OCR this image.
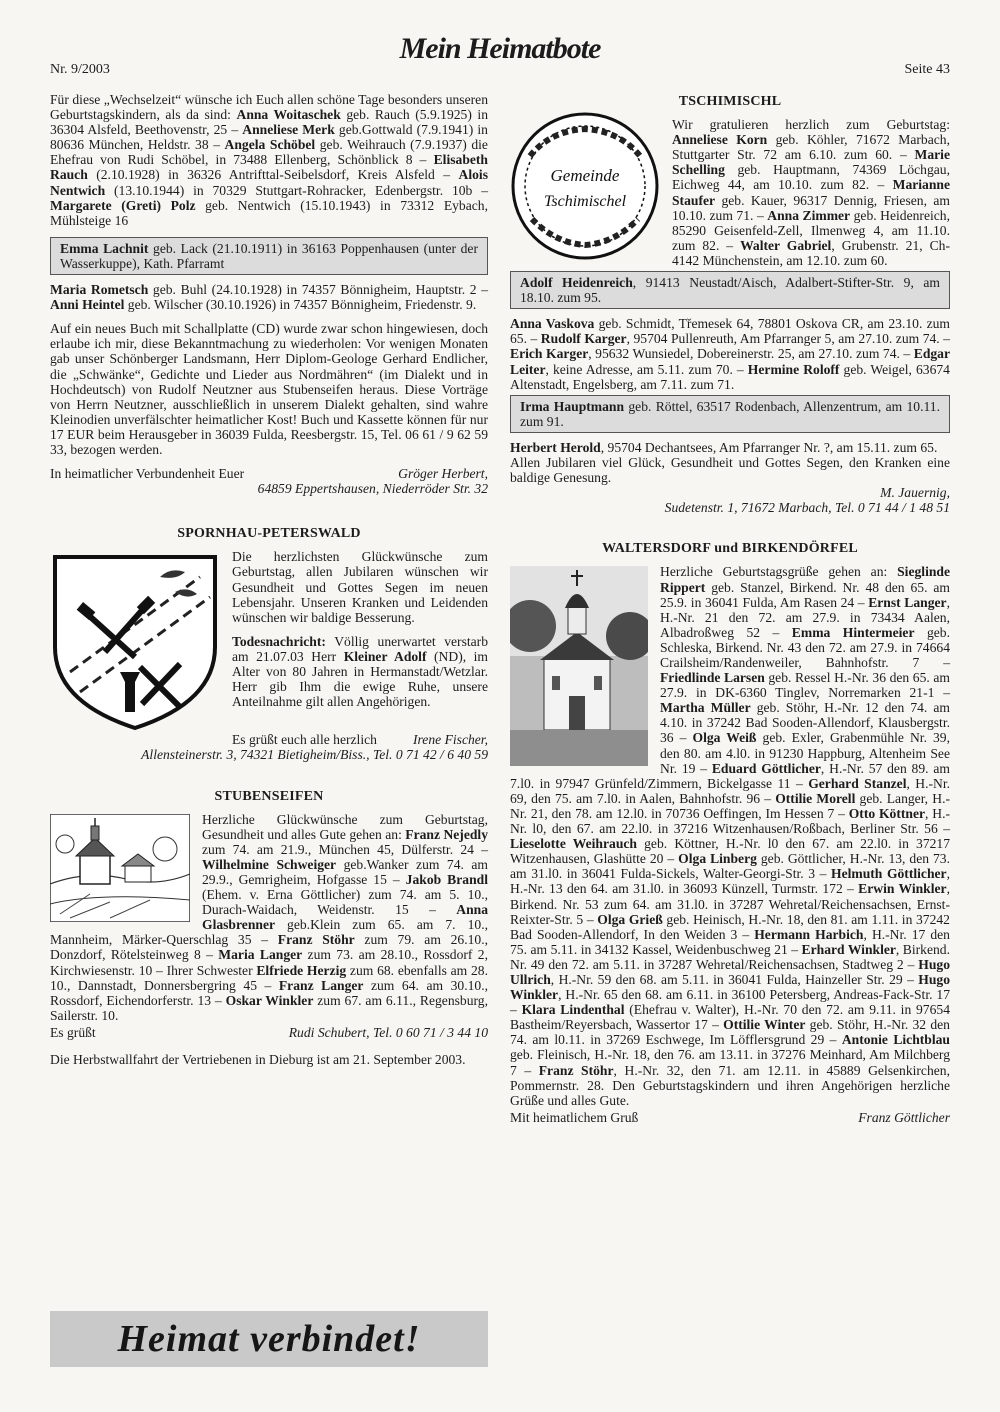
Nr. 9/2003
Mein Heimatbote
Seite 43

Für diese „Wechselzeit“ wünsche ich Euch allen schöne Tage besonders unseren Geburtstagskindern, als da sind: Anna Woitaschek geb. Rauch (5.9.1925) in 36304 Alsfeld, Beethovenstr, 25 – Anneliese Merk geb.Gottwald (7.9.1941) in 80636 München, Heldstr. 38 – Angela Schöbel geb. Weihrauch (7.9.1937) die Ehefrau von Rudi Schöbel, in 73488 Ellenberg, Schönblick 8 – Elisabeth Rauch (2.10.1928) in 36326 Antrifttal-Seibelsdorf, Kreis Alsfeld – Alois Nentwich (13.10.1944) in 70329 Stuttgart-Rohracker, Edenbergstr. 10b – Margarete (Greti) Polz geb. Nentwich (15.10.1943) in 73312 Eybach, Mühlsteige 16

Emma Lachnit geb. Lack (21.10.1911) in 36163 Poppenhausen (unter der Wasserkuppe), Kath. Pfarramt

Maria Rometsch geb. Buhl (24.10.1928) in 74357 Bönnigheim, Hauptstr. 2 – Anni Heintel geb. Wilscher (30.10.1926) in 74357 Bönnigheim, Friedenstr. 9.

Auf ein neues Buch mit Schallplatte (CD) wurde zwar schon hingewiesen, doch erlaube ich mir, diese Bekanntmachung zu wiederholen: Vor wenigen Monaten gab unser Schönberger Landsmann, Herr Diplom-Geologe Gerhard Endlicher, die „Schwänke“, Gedichte und Lieder aus Nordmähren“ (im Dialekt und in Hochdeutsch) von Rudolf Neutzner aus Stubenseifen heraus. Diese Vorträge von Herrn Neutzner, ausschließlich in unserem Dialekt gehalten, sind wahre Kleinodien unverfälschter heimatlicher Kost! Buch und Kassette können für nur 17 EUR beim Herausgeber in 36039 Fulda, Reesbergstr. 15, Tel. 06 61 / 9 62 59 33, bezogen werden.

In heimatlicher Verbundenheit Euer	Gröger Herbert,
64859 Eppertshausen, Niederröder Str. 32
SPORNHAU-PETERSWALD

Die herzlichsten Glückwünsche zum Geburtstag, allen Jubilaren wünschen wir Gesundheit und Gottes Segen im neuen Lebensjahr. Unseren Kranken und Leidenden wünschen wir baldige Besserung.

Todesnachricht: Völlig unerwartet verstarb am 21.07.03 Herr Kleiner Adolf (ND), im Alter von 80 Jahren in Hermanstadt/Wetzlar. Herr gib Ihm die ewige Ruhe, unsere Anteilnahme gilt allen Angehörigen.

Es grüßt euch alle herzlich	Irene Fischer,
Allensteinerstr. 3, 74321 Bietigheim/Biss., Tel. 0 71 42 / 6 40 59
STUBENSEIFEN

Herzliche Glückwünsche zum Geburtstag, Gesundheit und alles Gute gehen an: Franz Nejedly zum 74. am 21.9., München 45, Dülferstr. 24 – Wilhelmine Schweiger geb.Wanker zum 74. am 29.9., Gemrigheim, Hofgasse 15 – Jakob Brandl (Ehem. v. Erna Göttlicher) zum 74. am 5. 10., Durach-Waidach, Weidenstr. 15 – Anna Glasbrenner geb.Klein zum 65. am 7. 10., Mannheim, Märker-Querschlag 35 – Franz Stöhr zum 79. am 26.10., Donzdorf, Rötelsteinweg 8 – Maria Langer zum 73. am 28.10., Rossdorf 2, Kirchwiesenstr. 10 – Ihrer Schwester Elfriede Herzig zum 68. ebenfalls am 28. 10., Dannstadt, Donnersbergring 45 – Franz Langer zum 64. am 30.10., Rossdorf, Eichendorferstr. 13 – Oskar Winkler zum 67. am 6.11., Regensburg, Sailerstr. 10.

Es grüßt	Rudi Schubert, Tel. 0 60 71 / 3 44 10

Die Herbstwallfahrt der Vertriebenen in Dieburg ist am 21. September 2003.

Heimat verbindet!
TSCHIMISCHL
Gemeinde
Tschimischel

Wir gratulieren herzlich zum Geburtstag: Anneliese Korn geb. Köhler, 71672 Marbach, Stuttgarter Str. 72 am 6.10. zum 60. – Marie Schelling geb. Hauptmann, 74369 Löchgau, Eichweg 44, am 10.10. zum 82. – Marianne Staufer geb. Kauer, 96317 Dennig, Friesen, am 10.10. zum 71. – Anna Zimmer geb. Heidenreich, 85290 Geisenfeld-Zell, Ilmenweg 4, am 11.10. zum 82. – Walter Gabriel, Grubenstr. 21, Ch-4142 Münchenstein, am 12.10. zum 60.

Adolf Heidenreich, 91413 Neustadt/Aisch, Adalbert-Stifter-Str. 9, am 18.10. zum 95.

Anna Vaskova geb. Schmidt, Třemesek 64, 78801 Oskova CR, am 23.10. zum 65. – Rudolf Karger, 95704 Pullenreuth, Am Pfarranger 5, am 27.10. zum 74. – Erich Karger, 95632 Wunsiedel, Dobereinerstr. 25, am 27.10. zum 74. – Edgar Leiter, keine Adresse, am 5.11. zum 70. – Hermine Roloff geb. Weigel, 63674 Altenstadt, Engelsberg, am 7.11. zum 71.

Irma Hauptmann geb. Röttel, 63517 Rodenbach, Allenzentrum, am 10.11. zum 91.

Herbert Herold, 95704 Dechantsees, Am Pfarranger Nr. ?, am 15.11. zum 65.

Allen Jubilaren viel Glück, Gesundheit und Gottes Segen, den Kranken eine baldige Genesung.

M. Jauernig,
Sudetenstr. 1, 71672 Marbach, Tel. 0 71 44 / 1 48 51
WALTERSDORF und BIRKENDÖRFEL

Herzliche Geburtstagsgrüße gehen an: Sieglinde Rippert geb. Stanzel, Birkend. Nr. 48 den 65. am 25.9. in 36041 Fulda, Am Rasen 24 – Ernst Langer, H.-Nr. 21 den 72. am 27.9. in 73434 Aalen, Albadroßweg 52 – Emma Hintermeier geb. Schleska, Birkend. Nr. 43 den 72. am 27.9. in 74664 Crailsheim/Randenweiler, Bahnhofstr. 7 – Friedlinde Larsen geb. Ressel H.-Nr. 36 den 65. am 27.9. in DK-6360 Tinglev, Norremarken 21-1 – Martha Müller geb. Stöhr, H.-Nr. 12 den 74. am 4.10. in 37242 Bad Sooden-Allendorf, Klausbergstr. 36 – Olga Weiß geb. Exler, Grabenmühle Nr. 39, den 80. am 4.l0. in 91230 Happburg, Altenheim See Nr. 19 – Eduard Göttlicher, H.-Nr. 57 den 89. am 7.l0. in 97947 Grünfeld/Zimmern, Bickelgasse 11 – Gerhard Stanzel, H.-Nr. 69, den 75. am 7.l0. in Aalen, Bahnhofstr. 96 – Ottilie Morell geb. Langer, H.-Nr. 21, den 78. am 12.l0. in 70736 Oeffingen, Im Hessen 7 – Otto Köttner, H.-Nr. l0, den 67. am 22.l0. in 37216 Witzenhausen/Roßbach, Berliner Str. 56 – Lieselotte Weihrauch geb. Köttner, H.-Nr. l0 den 67. am 22.l0. in 37217 Witzenhausen, Glashütte 20 – Olga Linberg geb. Göttlicher, H.-Nr. 13, den 73. am 31.l0. in 36041 Fulda-Sickels, Walter-Georgi-Str. 3 – Helmuth Göttlicher, H.-Nr. 13 den 64. am 31.l0. in 36093 Künzell, Turmstr. 172 – Erwin Winkler, Birkend. Nr. 53 zum 64. am 31.l0. in 37287 Wehretal/Reichensachsen, Ernst-Reixter-Str. 5 – Olga Grieß geb. Heinisch, H.-Nr. 18, den 81. am 1.11. in 37242 Bad Sooden-Allendorf, In den Weiden 3 – Hermann Harbich, H.-Nr. 17 den 75. am 5.11. in 34132 Kassel, Weidenbuschweg 21 – Erhard Winkler, Birkend. Nr. 49 den 72. am 5.11. in 37287 Wehretal/Reichensachsen, Stadtweg 2 – Hugo Ullrich, H.-Nr. 59 den 68. am 5.11. in 36041 Fulda, Hainzeller Str. 29 – Hugo Winkler, H.-Nr. 65 den 68. am 6.11. in 36100 Petersberg, Andreas-Fack-Str. 17 – Klara Lindenthal (Ehefrau v. Walter), H.-Nr. 70 den 72. am 9.11. in 97654 Bastheim/Reyersbach, Wassertor 17 – Ottilie Winter geb. Stöhr, H.-Nr. 32 den 74. am l0.11. in 37269 Eschwege, Im Löfflersgrund 29 – Antonie Lichtblau geb. Fleinisch, H.-Nr. 18, den 76. am 13.11. in 37276 Meinhard, Am Milchberg 7 – Franz Stöhr, H.-Nr. 32, den 71. am 12.11. in 45889 Gelsenkirchen, Pommernstr. 28. Den Geburtstagskindern und ihren Angehörigen herzliche Grüße und alles Gute.

Mit heimatlichem Gruß	Franz Göttlicher
